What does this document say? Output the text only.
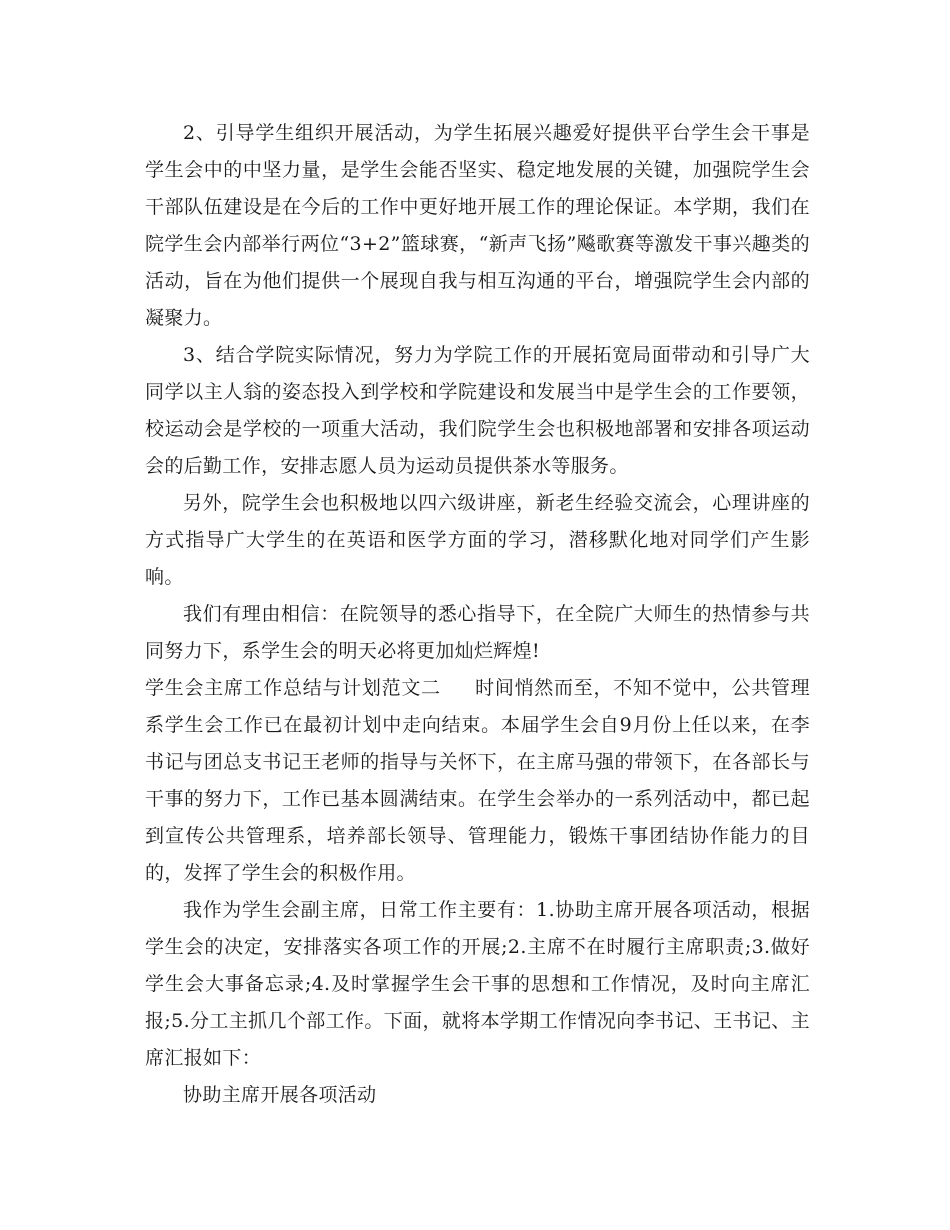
2、引导学生组织开展活动，为学生拓展兴趣爱好提供平台学生会干事是学生会中的中坚力量，是学生会能否坚实、稳定地发展的关键，加强院学生会干部队伍建设是在今后的工作中更好地开展工作的理论保证。本学期，我们在院学生会内部举行两位“3+2”篮球赛，“新声飞扬”飚歌赛等激发干事兴趣类的活动，旨在为他们提供一个展现自我与相互沟通的平台，增强院学生会内部的凝聚力。

3、结合学院实际情况，努力为学院工作的开展拓宽局面带动和引导广大同学以主人翁的姿态投入到学校和学院建设和发展当中是学生会的工作要领，校运动会是学校的一项重大活动，我们院学生会也积极地部署和安排各项运动会的后勤工作，安排志愿人员为运动员提供茶水等服务。

另外，院学生会也积极地以四六级讲座，新老生经验交流会，心理讲座的方式指导广大学生的在英语和医学方面的学习，潜移默化地对同学们产生影响。

我们有理由相信：在院领导的悉心指导下，在全院广大师生的热情参与共同努力下，系学生会的明天必将更加灿烂辉煌!

学生会主席工作总结与计划范文二 时间悄然而至，不知不觉中，公共管理系学生会工作已在最初计划中走向结束。本届学生会自9月份上任以来，在李书记与团总支书记王老师的指导与关怀下，在主席马强的带领下，在各部长与干事的努力下，工作已基本圆满结束。在学生会举办的一系列活动中，都已起到宣传公共管理系，培养部长领导、管理能力，锻炼干事团结协作能力的目的，发挥了学生会的积极作用。

我作为学生会副主席，日常工作主要有：1.协助主席开展各项活动，根据学生会的决定，安排落实各项工作的开展;2.主席不在时履行主席职责;3.做好学生会大事备忘录;4.及时掌握学生会干事的思想和工作情况，及时向主席汇报;5.分工主抓几个部工作。下面，就将本学期工作情况向李书记、王书记、主席汇报如下：

协助主席开展各项活动
